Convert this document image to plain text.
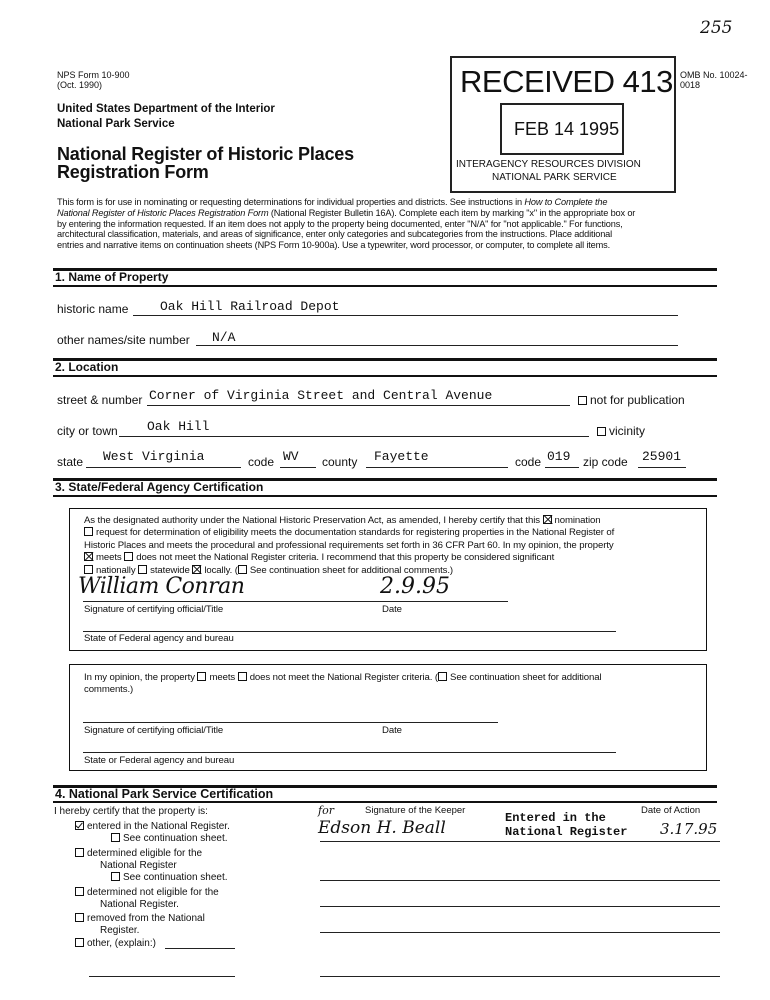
255
NPS Form 10-900
(Oct. 1990)
United States Department of the Interior
National Park Service
National Register of Historic Places
Registration Form
OMB No. 10024-0018
RECEIVED 413
FEB 14 1995
INTERAGENCY RESOURCES DIVISION
NATIONAL PARK SERVICE
This form is for use in nominating or requesting determinations for individual properties and districts. See instructions in How to Complete the
National Register of Historic Places Registration Form (National Register Bulletin 16A). Complete each item by marking "x" in the appropriate box or
by entering the information requested. If an item does not apply to the property being documented, enter "N/A" for "not applicable." For functions,
architectural classification, materials, and areas of significance, enter only categories and subcategories from the instructions. Place additional
entries and narrative items on continuation sheets (NPS Form 10-900a). Use a typewriter, word processor, or computer, to complete all items.
1. Name of Property
historic name Oak Hill Railroad Depot
other names/site number N/A
2. Location
street & number Corner of Virginia Street and Central Avenue	not for publication
city or town Oak Hill	vicinity
state West Virginia	code WV county Fayette	code 019 zip code 25901
3. State/Federal Agency Certification
As the designated authority under the National Historic Preservation Act, as amended, I hereby certify that this nomination
request for determination of eligibility meets the documentation standards for registering properties in the National Register of
Historic Places and meets the procedural and professional requirements set forth in 36 CFR Part 60. In my opinion, the property
meets does not meet the National Register criteria. I recommend that this property be considered significant
nationally statewide locally. ( See continuation sheet for additional comments.)
William Conran	2.9.95
Signature of certifying official/Title	Date
State of Federal agency and bureau
In my opinion, the property meets does not meet the National Register criteria. ( See continuation sheet for additional
comments.)
Signature of certifying official/Title	Date
State or Federal agency and bureau
4. National Park Service Certification
I hereby certify that the property is:
entered in the National Register.
See continuation sheet.
determined eligible for the
National Register
See continuation sheet.
determined not eligible for the
National Register.
removed from the National
Register.
other, (explain:)
for	Signature of the Keeper
Edson H. Beall	Entered in the
National Register
Date of Action
3.17.95
